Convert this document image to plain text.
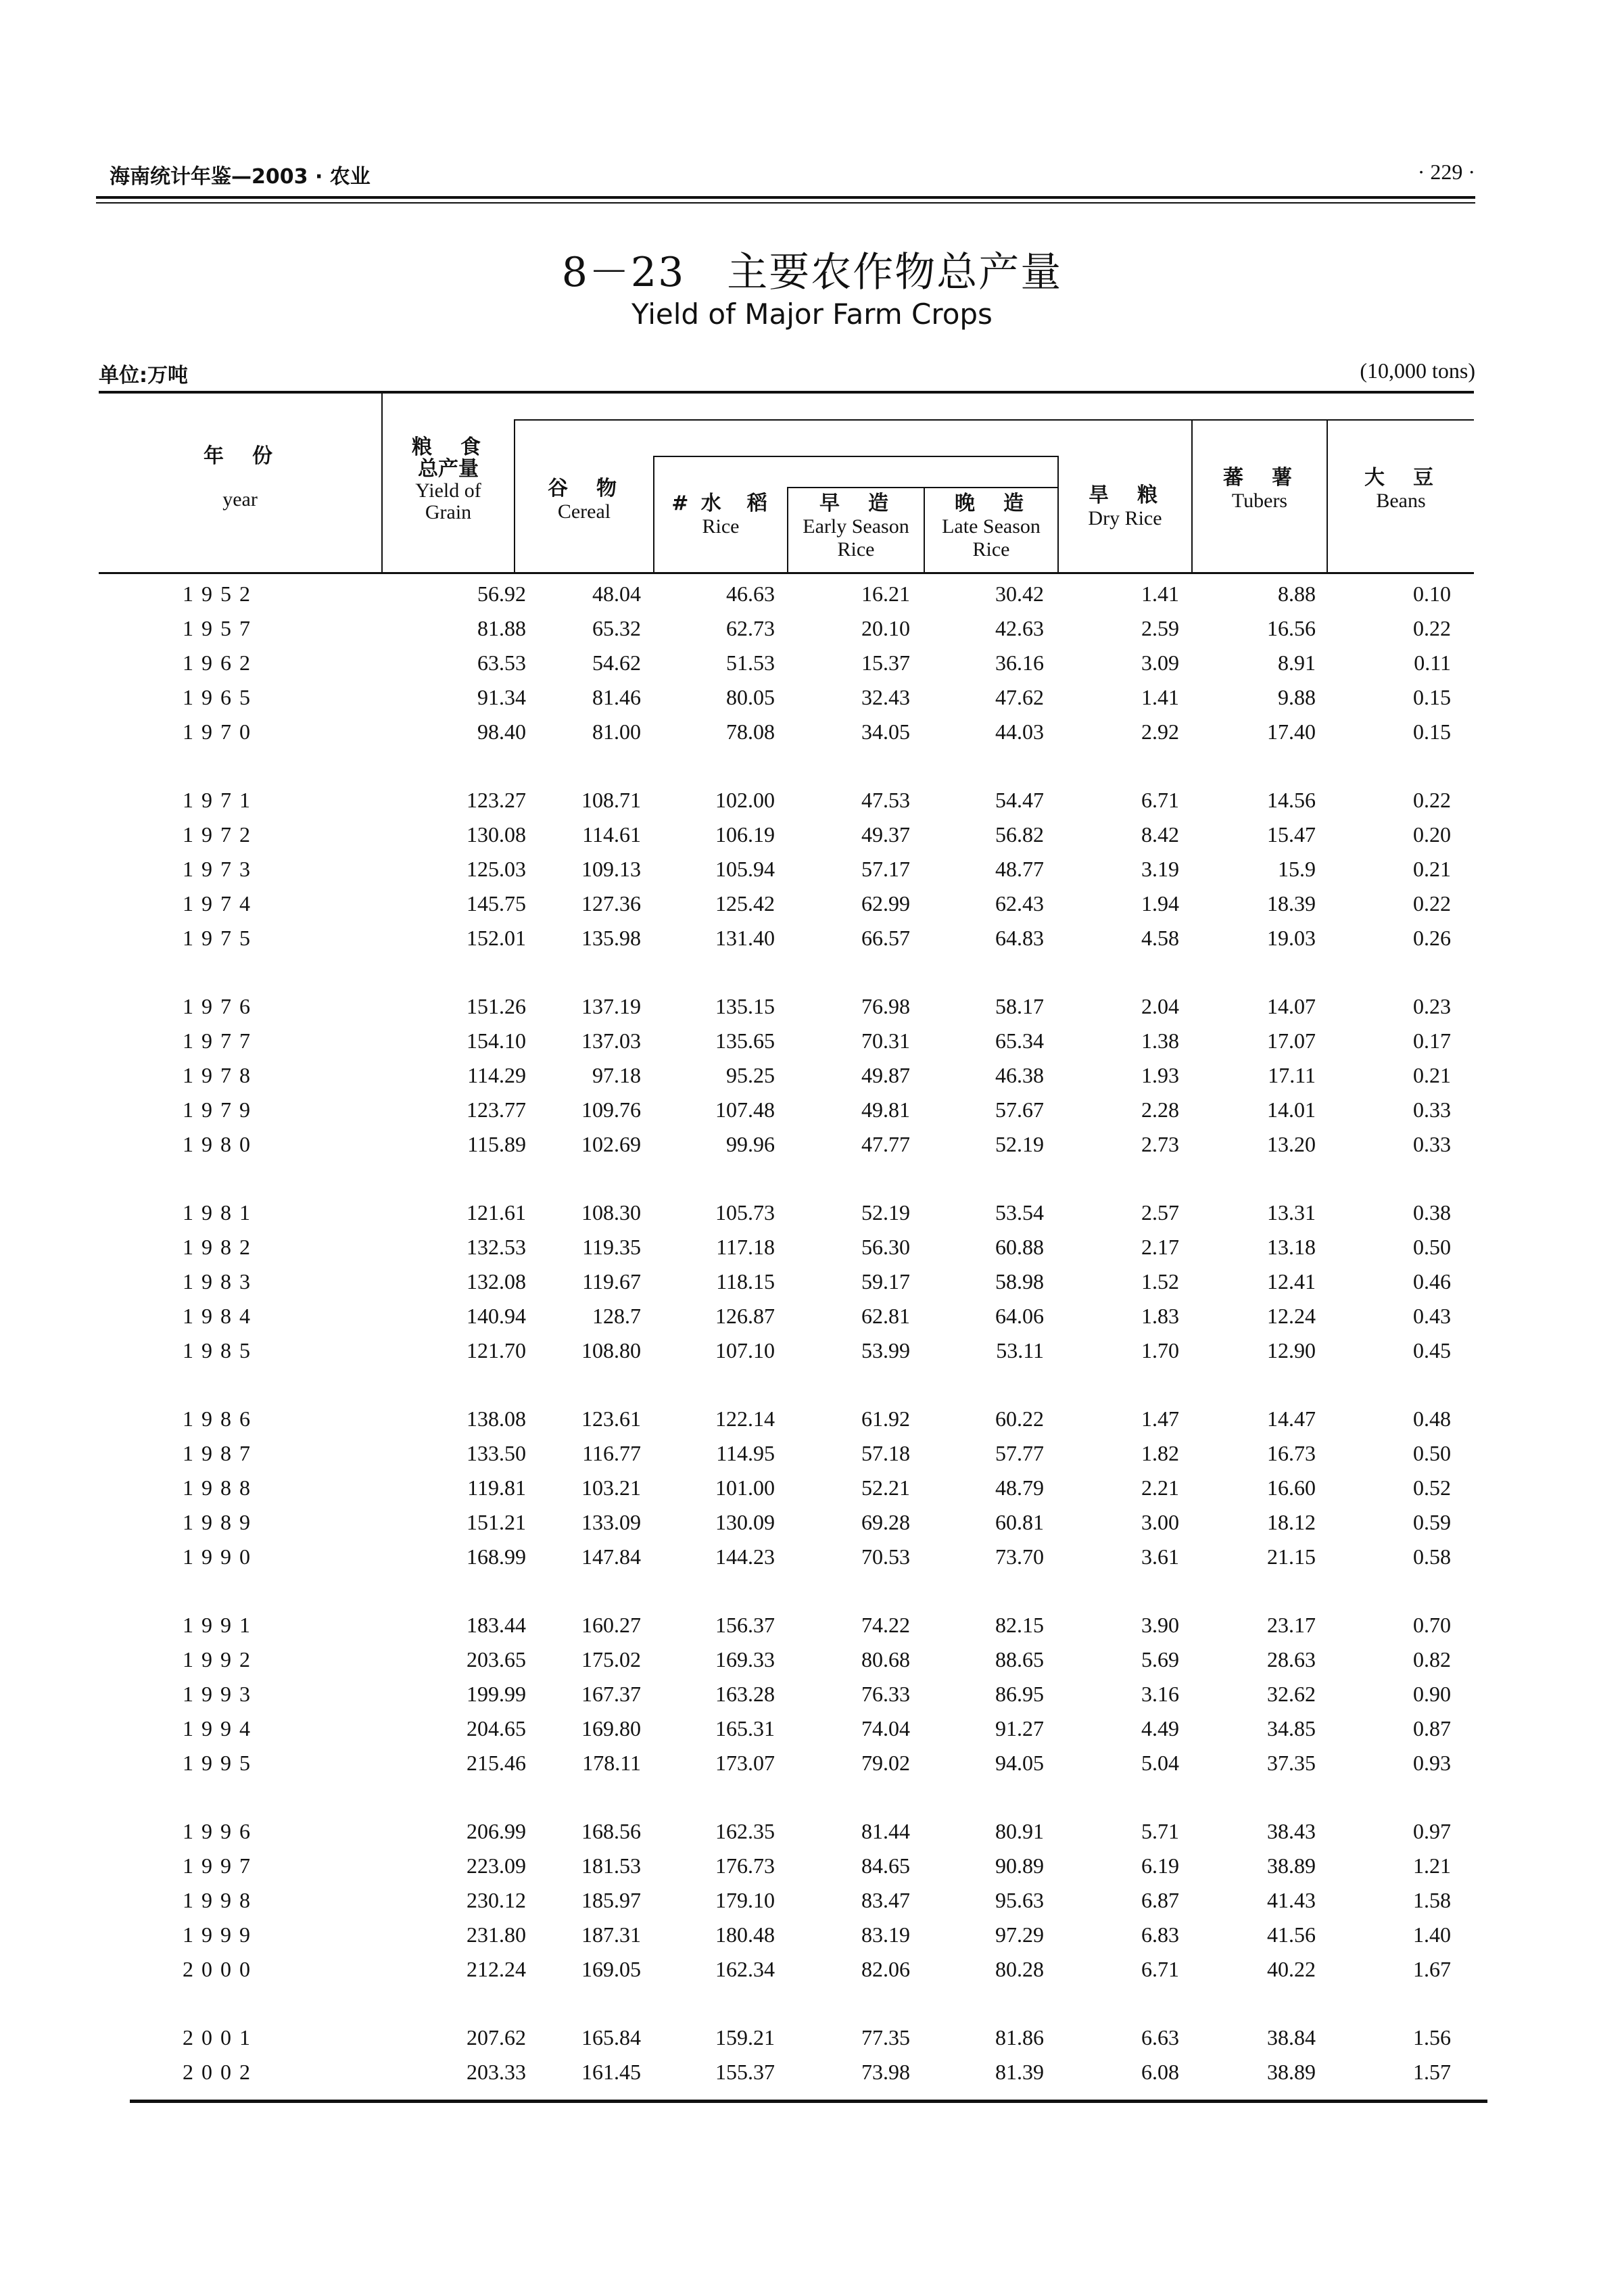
海南统计年鉴—2003 · 农业	· 229 ·
8－23　主要农作物总产量
Yield of Major Farm Crops
单位:万吨	(10,000 tons)
年　份
year
粮　食
总产量
Yield of
Grain
谷　物
Cereal	# 水　稻
Rice
早　造
Early Season
Rice
晚　造
Late Season
Rice
旱　粮
Dry Rice
蕃　薯
Tubers
大　豆
Beans
1952	56.92	48.04	46.63	16.21	30.42	1.41	8.88	0.10
1957	81.88	65.32	62.73	20.10	42.63	2.59	16.56	0.22
1962	63.53	54.62	51.53	15.37	36.16	3.09	8.91	0.11
1965	91.34	81.46	80.05	32.43	47.62	1.41	9.88	0.15
1970	98.40	81.00	78.08	34.05	44.03	2.92	17.40	0.15
1971	123.27	108.71	102.00	47.53	54.47	6.71	14.56	0.22
1972	130.08	114.61	106.19	49.37	56.82	8.42	15.47	0.20
1973	125.03	109.13	105.94	57.17	48.77	3.19	15.9	0.21
1974	145.75	127.36	125.42	62.99	62.43	1.94	18.39	0.22
1975	152.01	135.98	131.40	66.57	64.83	4.58	19.03	0.26
1976	151.26	137.19	135.15	76.98	58.17	2.04	14.07	0.23
1977	154.10	137.03	135.65	70.31	65.34	1.38	17.07	0.17
1978	114.29	97.18	95.25	49.87	46.38	1.93	17.11	0.21
1979	123.77	109.76	107.48	49.81	57.67	2.28	14.01	0.33
1980	115.89	102.69	99.96	47.77	52.19	2.73	13.20	0.33
1981	121.61	108.30	105.73	52.19	53.54	2.57	13.31	0.38
1982	132.53	119.35	117.18	56.30	60.88	2.17	13.18	0.50
1983	132.08	119.67	118.15	59.17	58.98	1.52	12.41	0.46
1984	140.94	128.7	126.87	62.81	64.06	1.83	12.24	0.43
1985	121.70	108.80	107.10	53.99	53.11	1.70	12.90	0.45
1986	138.08	123.61	122.14	61.92	60.22	1.47	14.47	0.48
1987	133.50	116.77	114.95	57.18	57.77	1.82	16.73	0.50
1988	119.81	103.21	101.00	52.21	48.79	2.21	16.60	0.52
1989	151.21	133.09	130.09	69.28	60.81	3.00	18.12	0.59
1990	168.99	147.84	144.23	70.53	73.70	3.61	21.15	0.58
1991	183.44	160.27	156.37	74.22	82.15	3.90	23.17	0.70
1992	203.65	175.02	169.33	80.68	88.65	5.69	28.63	0.82
1993	199.99	167.37	163.28	76.33	86.95	3.16	32.62	0.90
1994	204.65	169.80	165.31	74.04	91.27	4.49	34.85	0.87
1995	215.46	178.11	173.07	79.02	94.05	5.04	37.35	0.93
1996	206.99	168.56	162.35	81.44	80.91	5.71	38.43	0.97
1997	223.09	181.53	176.73	84.65	90.89	6.19	38.89	1.21
1998	230.12	185.97	179.10	83.47	95.63	6.87	41.43	1.58
1999	231.80	187.31	180.48	83.19	97.29	6.83	41.56	1.40
2000	212.24	169.05	162.34	82.06	80.28	6.71	40.22	1.67
2001	207.62	165.84	159.21	77.35	81.86	6.63	38.84	1.56
2002	203.33	161.45	155.37	73.98	81.39	6.08	38.89	1.57
